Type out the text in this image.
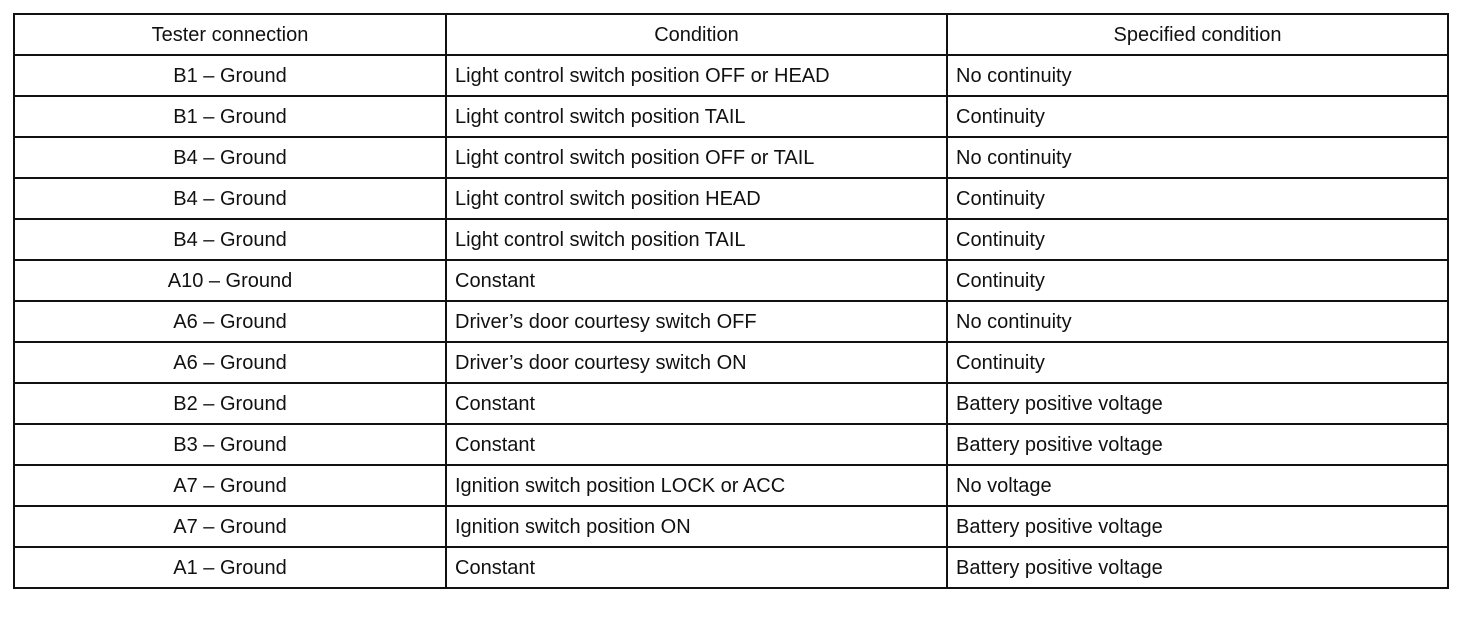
Tester connection	Condition	Specified condition
B1 – Ground	Light control switch position OFF or HEAD	No continuity
B1 – Ground	Light control switch position TAIL	Continuity
B4 – Ground	Light control switch position OFF or TAIL	No continuity
B4 – Ground	Light control switch position HEAD	Continuity
B4 – Ground	Light control switch position TAIL	Continuity
A10 – Ground	Constant	Continuity
A6 – Ground	Driver’s door courtesy switch OFF	No continuity
A6 – Ground	Driver’s door courtesy switch ON	Continuity
B2 – Ground	Constant	Battery positive voltage
B3 – Ground	Constant	Battery positive voltage
A7 – Ground	Ignition switch position LOCK or ACC	No voltage
A7 – Ground	Ignition switch position ON	Battery positive voltage
A1 – Ground	Constant	Battery positive voltage
